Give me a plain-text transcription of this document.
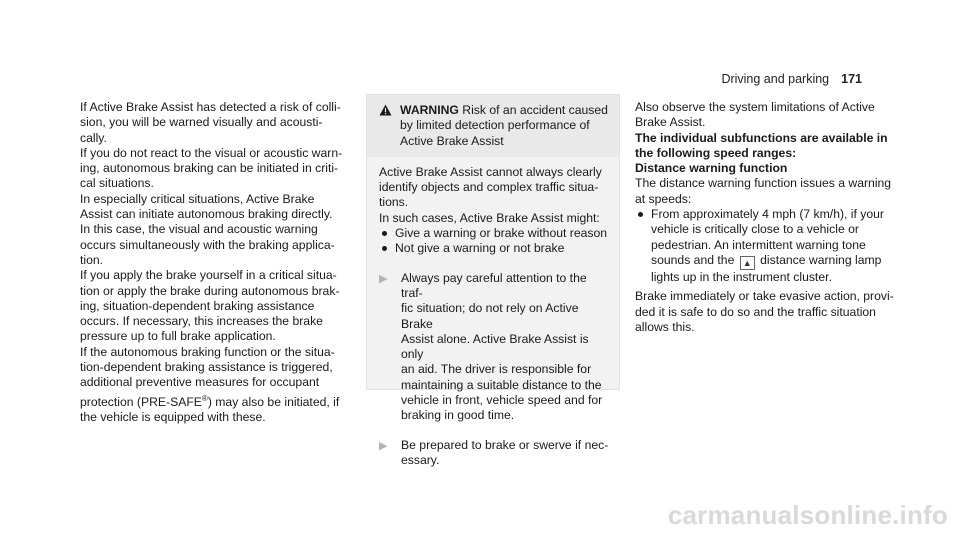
Driving and parking 171

If Active Brake Assist has detected a risk of colli-
sion, you will be warned visually and acousti-
cally.

If you do not react to the visual or acoustic warn-
ing, autonomous braking can be initiated in criti-
cal situations.

In especially critical situations, Active Brake
Assist can initiate autonomous braking directly.
In this case, the visual and acoustic warning
occurs simultaneously with the braking applica-
tion.

If you apply the brake yourself in a critical situa-
tion or apply the brake during autonomous brak-
ing, situation-dependent braking assistance
occurs. If necessary, this increases the brake
pressure up to full brake application.

If the autonomous braking function or the situa-
tion-dependent braking assistance is triggered,
additional preventive measures for occupant
protection (PRE-SAFE®) may also be initiated, if
the vehicle is equipped with these.

WARNING Risk of an accident caused by limited detection performance of Active Brake Assist

Active Brake Assist cannot always clearly
identify objects and complex traffic situa-
tions.

In such cases, Active Brake Assist might:

Give a warning or brake without reason
Not give a warning or not brake
▶	Always pay careful attention to the traf-
fic situation; do not rely on Active Brake
Assist alone. Active Brake Assist is only
an aid. The driver is responsible for
maintaining a suitable distance to the
vehicle in front, vehicle speed and for
braking in good time.
▶	Be prepared to brake or swerve if nec-
essary.

Also observe the system limitations of Active
Brake Assist.

The individual subfunctions are available in
the following speed ranges:

Distance warning function

The distance warning function issues a warning
at speeds:

From approximately 4 mph (7 km/h), if your
vehicle is critically close to a vehicle or
pedestrian. An intermittent warning tone
sounds and the ▲ distance warning lamp
lights up in the instrument cluster.

Brake immediately or take evasive action, provi-
ded it is safe to do so and the traffic situation
allows this.

carmanualsonline.info
